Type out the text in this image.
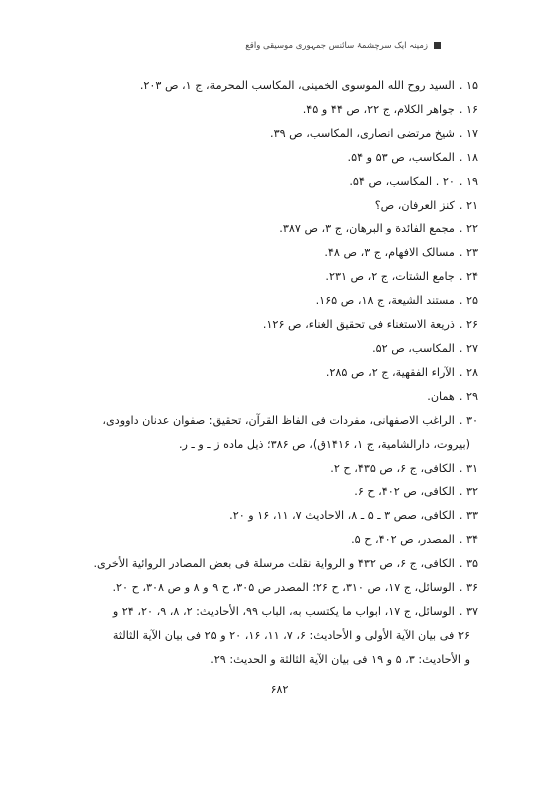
زمینہ ایک سرچشمۂ سائنس جمہوری موسیقی واقع
۱۵ .السید روح الله الموسوی الخمینی، المکاسب المحرمة، ج ۱، ص ۲۰۳.
۱۶ .جواهر الکلام، ج ۲۲، ص ۴۴ و ۴۵.
۱۷ .شیخ مرتضی انصاری، المکاسب، ص ۳۹.
۱۸ .المکاسب، ص ۵۳ و ۵۴.
۱۹ .۲۰ . المکاسب، ص ۵۴.
۲۱ .کنز العرفان، ص؟
۲۲ .مجمع الفائدة و البرهان، ج ۳، ص ۳۸۷.
۲۳ .مسالک الافهام، ج ۳، ص ۴۸.
۲۴ .جامع الشتات، ج ۲، ص ۲۳۱.
۲۵ .مستند الشیعة، ج ۱۸، ص ۱۶۵.
۲۶ .ذریعة الاستغناء فی تحقیق الغناء، ص ۱۲۶.
۲۷ .المکاسب، ص ۵۲.
۲۸ .الآراء الفقهیة، ج ۲، ص ۲۸۵.
۲۹ .همان.
۳۰ .الراغب الاصفهانی، مفردات فی الفاظ القرآن، تحقیق: صفوان عدنان داوودی،
(بیروت، دارالشامیة، ج ۱، ۱۴۱۶ق)، ص ۳۸۶؛ ذیل ماده ز ـ و ـ ر.
۳۱ .الکافی، ج ۶، ص ۴۳۵، ح ۲.
۳۲ .الکافی، ص ۴۰۲، ح ۶.
۳۳ .الکافی، صص ۳ ـ ۵ ـ ۸، الاحادیث ۷، ۱۱، ۱۶ و ۲۰.
۳۴ .المصدر، ص ۴۰۲، ح ۵.
۳۵ .الکافی، ج ۶، ص ۴۳۲ و الروایة نقلت مرسلة فی بعض المصادر الروائیة الأخری.
۳۶ .الوسائل، ج ۱۷، ص ۳۱۰، ح ۲۶؛ المصدر ص ۳۰۵، ح ۹ و ۸ و ص ۳۰۸، ح ۲۰.
۳۷ .الوسائل، ج ۱۷، ابواب ما یکتسب به، الباب ۹۹، الأحادیث: ۲، ۸، ۹، ۲۰، ۲۴ و
۲۶ فی بیان الآیة الأولی و الأحادیث: ۶، ۷، ۱۱، ۱۶، ۲۰ و ۲۵ فی بیان الآیة الثالثة
و الأحادیث: ۳، ۵ و ۱۹ فی بیان الآیة الثالثة و الحدیث: ۲۹.
۶۸۲
